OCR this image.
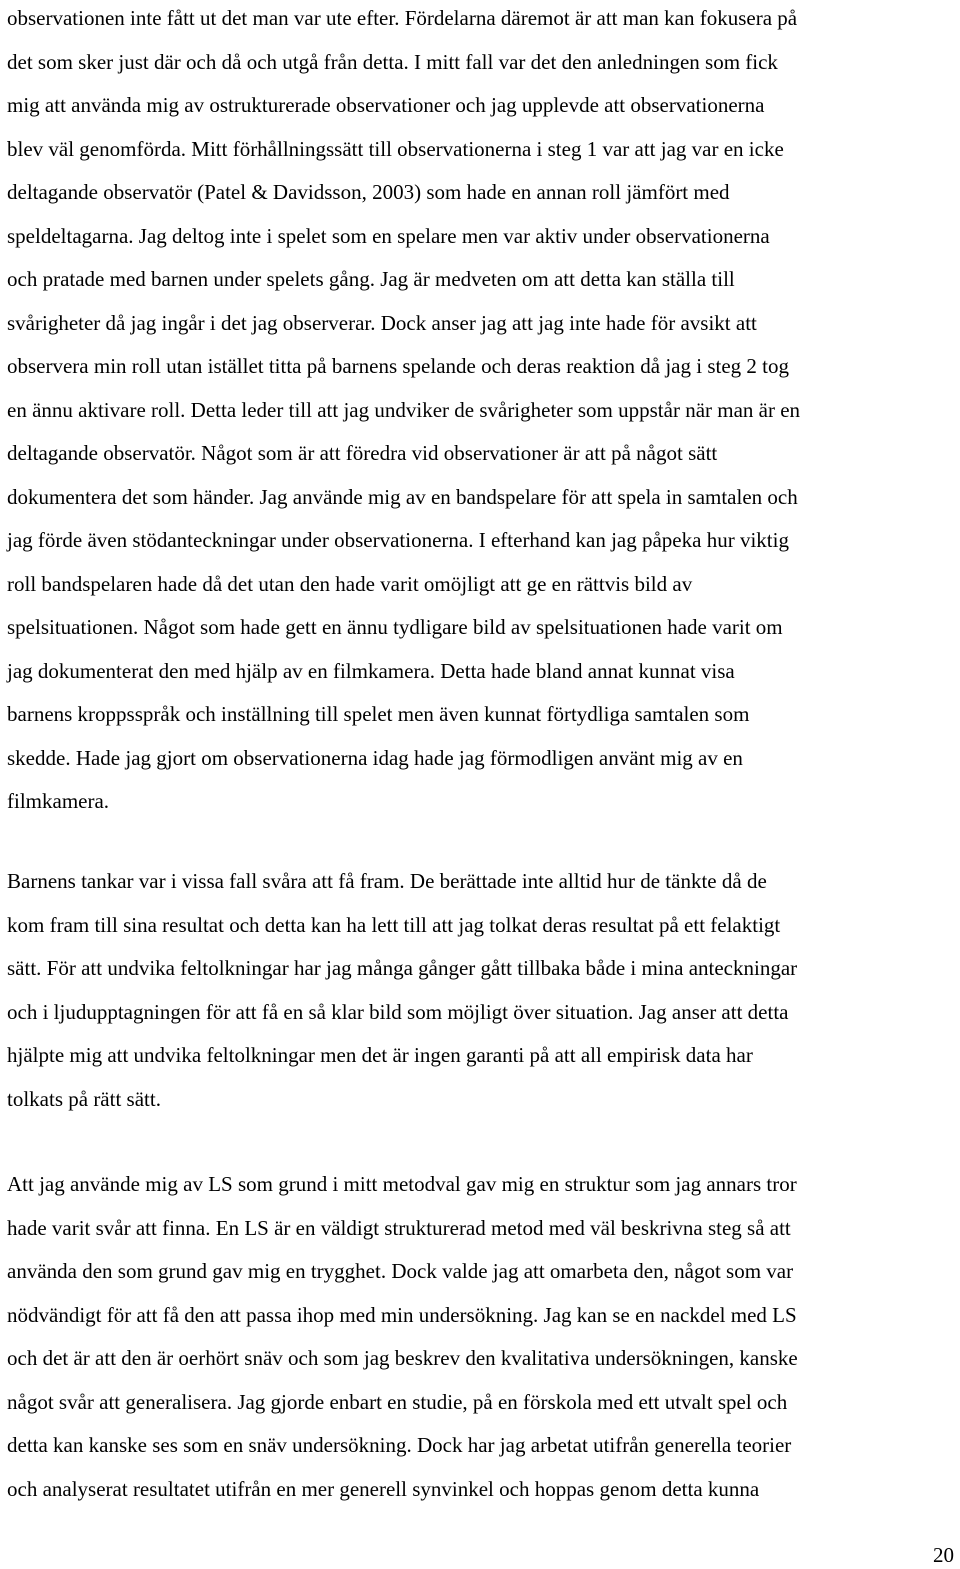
observationen inte fått ut det man var ute efter. Fördelarna däremot är att man kan fokusera på
det som sker just där och då och utgå från detta. I mitt fall var det den anledningen som fick
mig att använda mig av ostrukturerade observationer och jag upplevde att observationerna
blev väl genomförda. Mitt förhållningssätt till observationerna i steg 1 var att jag var en icke
deltagande observatör (Patel & Davidsson, 2003) som hade en annan roll jämfört med
speldeltagarna. Jag deltog inte i spelet som en spelare men var aktiv under observationerna
och pratade med barnen under spelets gång. Jag är medveten om att detta kan ställa till
svårigheter då jag ingår i det jag observerar. Dock anser jag att jag inte hade för avsikt att
observera min roll utan istället titta på barnens spelande och deras reaktion då jag i steg 2 tog
en ännu aktivare roll. Detta leder till att jag undviker de svårigheter som uppstår när man är en
deltagande observatör. Något som är att föredra vid observationer är att på något sätt
dokumentera det som händer. Jag använde mig av en bandspelare för att spela in samtalen och
jag förde även stödanteckningar under observationerna. I efterhand kan jag påpeka hur viktig
roll bandspelaren hade då det utan den hade varit omöjligt att ge en rättvis bild av
spelsituationen. Något som hade gett en ännu tydligare bild av spelsituationen hade varit om
jag dokumenterat den med hjälp av en filmkamera. Detta hade bland annat kunnat visa
barnens kroppsspråk och inställning till spelet men även kunnat förtydliga samtalen som
skedde. Hade jag gjort om observationerna idag hade jag förmodligen använt mig av en
filmkamera.
Barnens tankar var i vissa fall svåra att få fram. De berättade inte alltid hur de tänkte då de
kom fram till sina resultat och detta kan ha lett till att jag tolkat deras resultat på ett felaktigt
sätt. För att undvika feltolkningar har jag många gånger gått tillbaka både i mina anteckningar
och i ljudupptagningen för att få en så klar bild som möjligt över situation. Jag anser att detta
hjälpte mig att undvika feltolkningar men det är ingen garanti på att all empirisk data har
tolkats på rätt sätt.
Att jag använde mig av LS som grund i mitt metodval gav mig en struktur som jag annars tror
hade varit svår att finna. En LS är en väldigt strukturerad metod med väl beskrivna steg så att
använda den som grund gav mig en trygghet. Dock valde jag att omarbeta den, något som var
nödvändigt för att få den att passa ihop med min undersökning. Jag kan se en nackdel med LS
och det är att den är oerhört snäv och som jag beskrev den kvalitativa undersökningen, kanske
något svår att generalisera. Jag gjorde enbart en studie, på en förskola med ett utvalt spel och
detta kan kanske ses som en snäv undersökning. Dock har jag arbetat utifrån generella teorier
och analyserat resultatet utifrån en mer generell synvinkel och hoppas genom detta kunna
20
